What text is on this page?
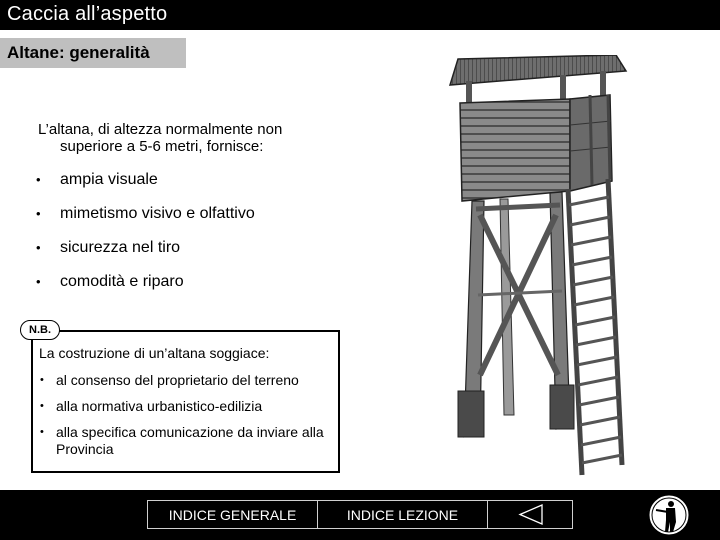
Caccia all’aspetto
Altane: generalità
L’altana, di altezza normalmente non
superiore a 5-6 metri, fornisce:
• ampia visuale
• mimetismo visivo e olfattivo
• sicurezza nel tiro
• comodità e riparo
N.B.
La costruzione di un’altana soggiace:
• al consenso del proprietario del terreno
• alla normativa urbanistico-edilizia
• alla specifica comunicazione da inviare alla Provincia
INDICE GENERALE	INDICE LEZIONE
